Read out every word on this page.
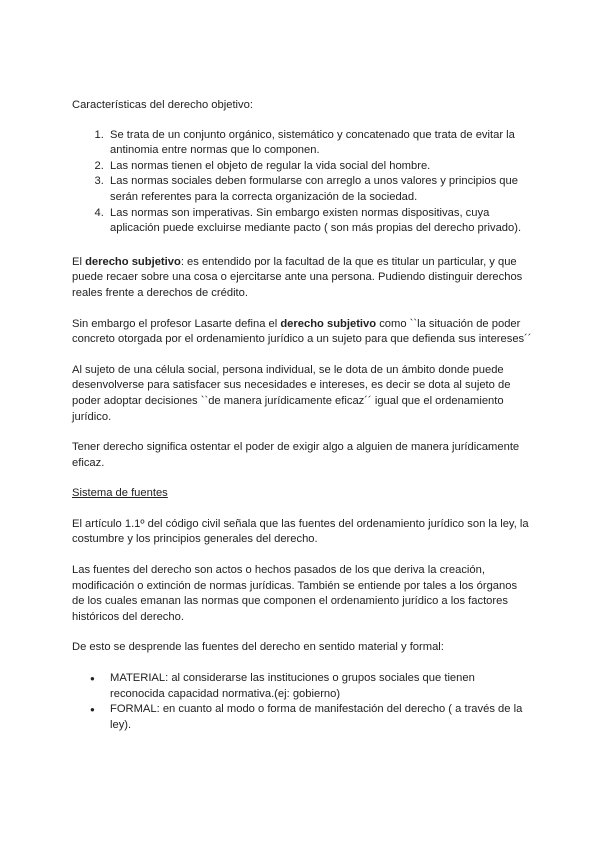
Características del derecho objetivo:

1. Se trata de un conjunto orgánico, sistemático y concatenado que trata de evitar la antinomia entre normas que lo componen.
2. Las normas tienen el objeto de regular la vida social del hombre.
3. Las normas sociales deben formularse con arreglo a unos valores y principios que serán referentes para la correcta organización de la sociedad.
4. Las normas son imperativas. Sin embargo existen normas dispositivas, cuya aplicación puede excluirse mediante pacto ( son más propias del derecho privado).

El derecho subjetivo: es entendido por la facultad de la que es titular un particular, y que puede recaer sobre una cosa o ejercitarse ante una persona. Pudiendo distinguir derechos reales frente a derechos de crédito.

Sin embargo el profesor Lasarte defina el derecho subjetivo como ``la situación de poder concreto otorgada por el ordenamiento jurídico a un sujeto para que defienda sus intereses´´

Al sujeto de una célula social, persona individual, se le dota de un ámbito donde puede desenvolverse para satisfacer sus necesidades e intereses, es decir se dota al sujeto de poder adoptar decisiones ``de manera jurídicamente eficaz´´ igual que el ordenamiento jurídico.

Tener derecho significa ostentar el poder de exigir algo a alguien de manera jurídicamente eficaz.

Sistema de fuentes

El artículo 1.1º del código civil señala que las fuentes del ordenamiento jurídico son la ley, la costumbre y los principios generales del derecho.

Las fuentes del derecho son actos o hechos pasados de los que deriva la creación, modificación o extinción de normas jurídicas. También se entiende por tales a los órganos de los cuales emanan las normas que componen el ordenamiento jurídico a los factores históricos del derecho.

De esto se desprende las fuentes del derecho en sentido material y formal:

● MATERIAL: al considerarse las instituciones o grupos sociales que tienen reconocida capacidad normativa.(ej: gobierno)
● FORMAL: en cuanto al modo o forma de manifestación del derecho ( a través de la ley).
